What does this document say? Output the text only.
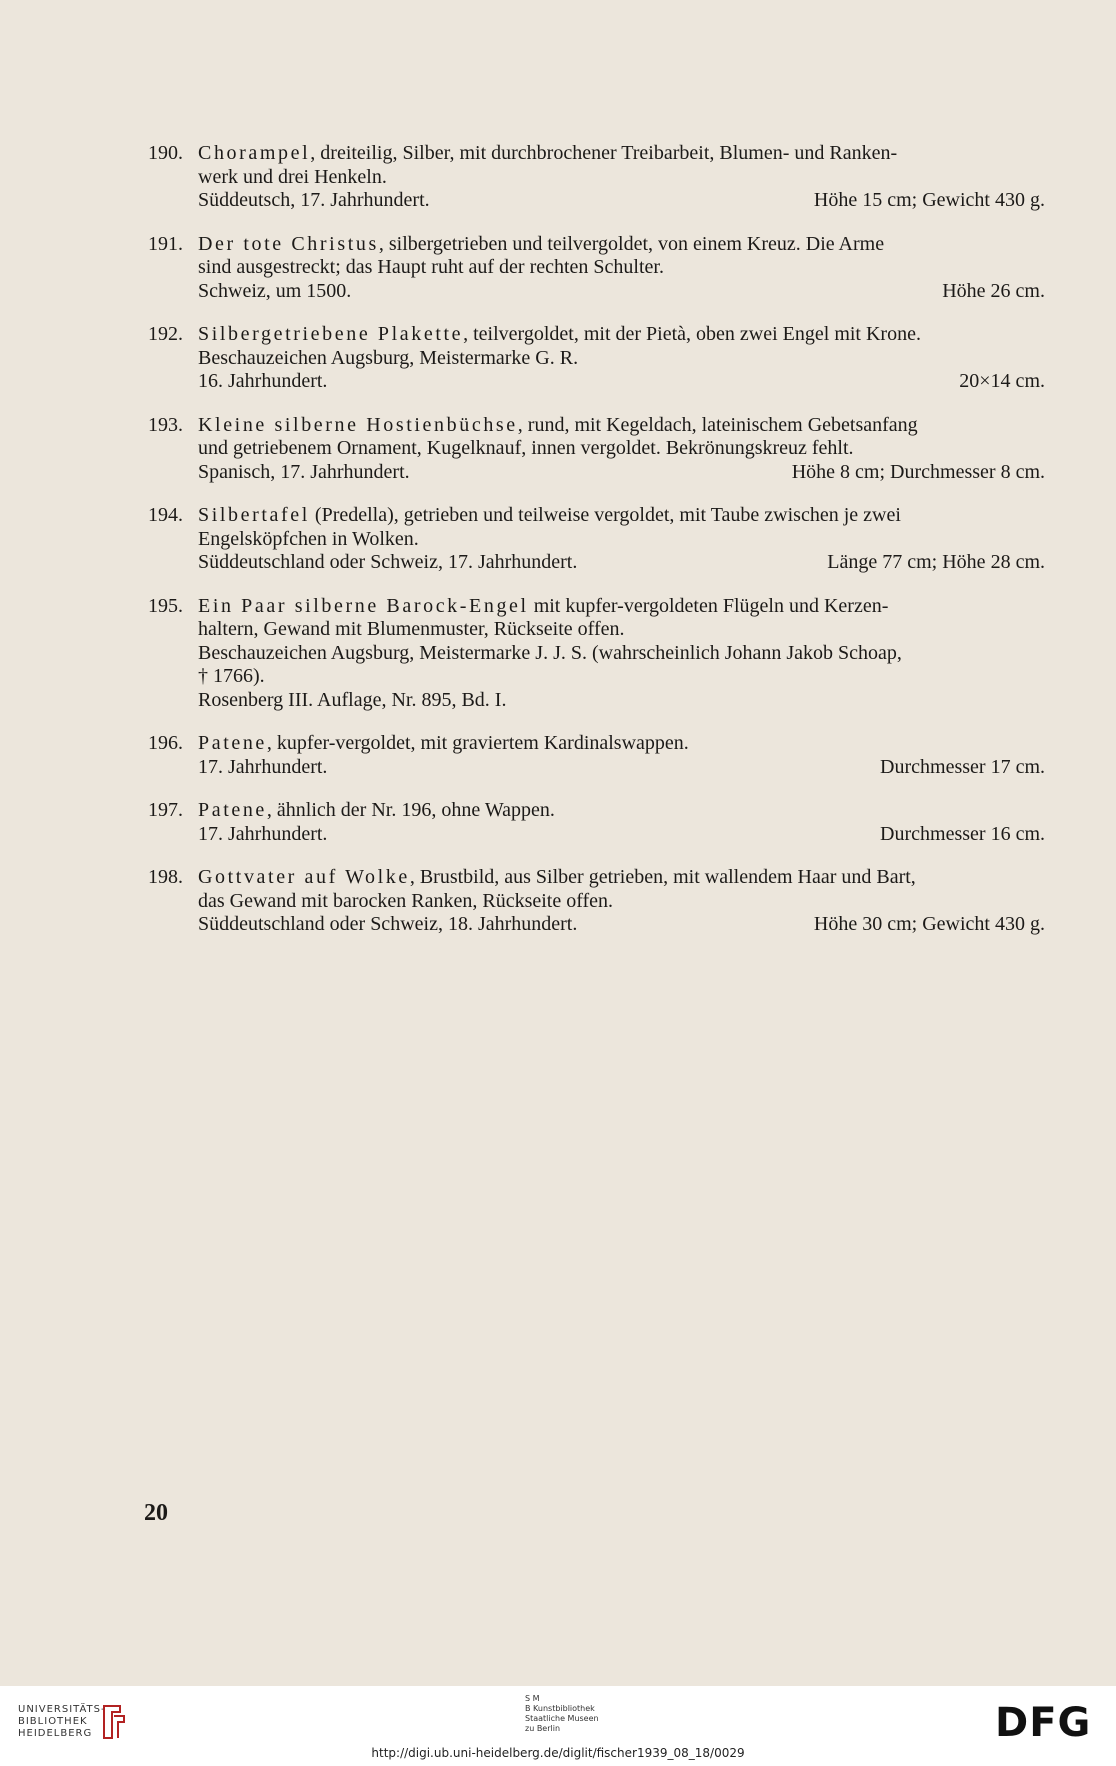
190. Chorampel, dreiteilig, Silber, mit durchbrochener Treibarbeit, Blumen- und Ranken-
werk und drei Henkeln.
Süddeutsch, 17. Jahrhundert.	Höhe 15 cm; Gewicht 430 g.
191. Der tote Christus, silbergetrieben und teilvergoldet, von einem Kreuz. Die Arme
sind ausgestreckt; das Haupt ruht auf der rechten Schulter.
Schweiz, um 1500.	Höhe 26 cm.
192. Silbergetriebene Plakette, teilvergoldet, mit der Pietà, oben zwei Engel mit Krone.
Beschauzeichen Augsburg, Meistermarke G. R.
16. Jahrhundert.	20×14 cm.
193. Kleine silberne Hostienbüchse, rund, mit Kegeldach, lateinischem Gebetsanfang
und getriebenem Ornament, Kugelknauf, innen vergoldet. Bekrönungskreuz fehlt.
Spanisch, 17. Jahrhundert.	Höhe 8 cm; Durchmesser 8 cm.
194. Silbertafel (Predella), getrieben und teilweise vergoldet, mit Taube zwischen je zwei
Engelsköpfchen in Wolken.
Süddeutschland oder Schweiz, 17. Jahrhundert.	Länge 77 cm; Höhe 28 cm.
195. Ein Paar silberne Barock-Engel mit kupfer-vergoldeten Flügeln und Kerzen-
haltern, Gewand mit Blumenmuster, Rückseite offen.
Beschauzeichen Augsburg, Meistermarke J. J. S. (wahrscheinlich Johann Jakob Schoap,
† 1766).
Rosenberg III. Auflage, Nr. 895, Bd. I.
196. Patene, kupfer-vergoldet, mit graviertem Kardinalswappen.
17. Jahrhundert.	Durchmesser 17 cm.
197. Patene, ähnlich der Nr. 196, ohne Wappen.
17. Jahrhundert.	Durchmesser 16 cm.
198. Gottvater auf Wolke, Brustbild, aus Silber getrieben, mit wallendem Haar und Bart,
das Gewand mit barocken Ranken, Rückseite offen.
Süddeutschland oder Schweiz, 18. Jahrhundert.	Höhe 30 cm; Gewicht 430 g.
20
UNIVERSITÄTS-
BIBLIOTHEK
HEIDELBERG
S M
B Kunstbibliothek
Staatliche Museen
zu Berlin	DFG
http://digi.ub.uni-heidelberg.de/diglit/fischer1939_08_18/0029
